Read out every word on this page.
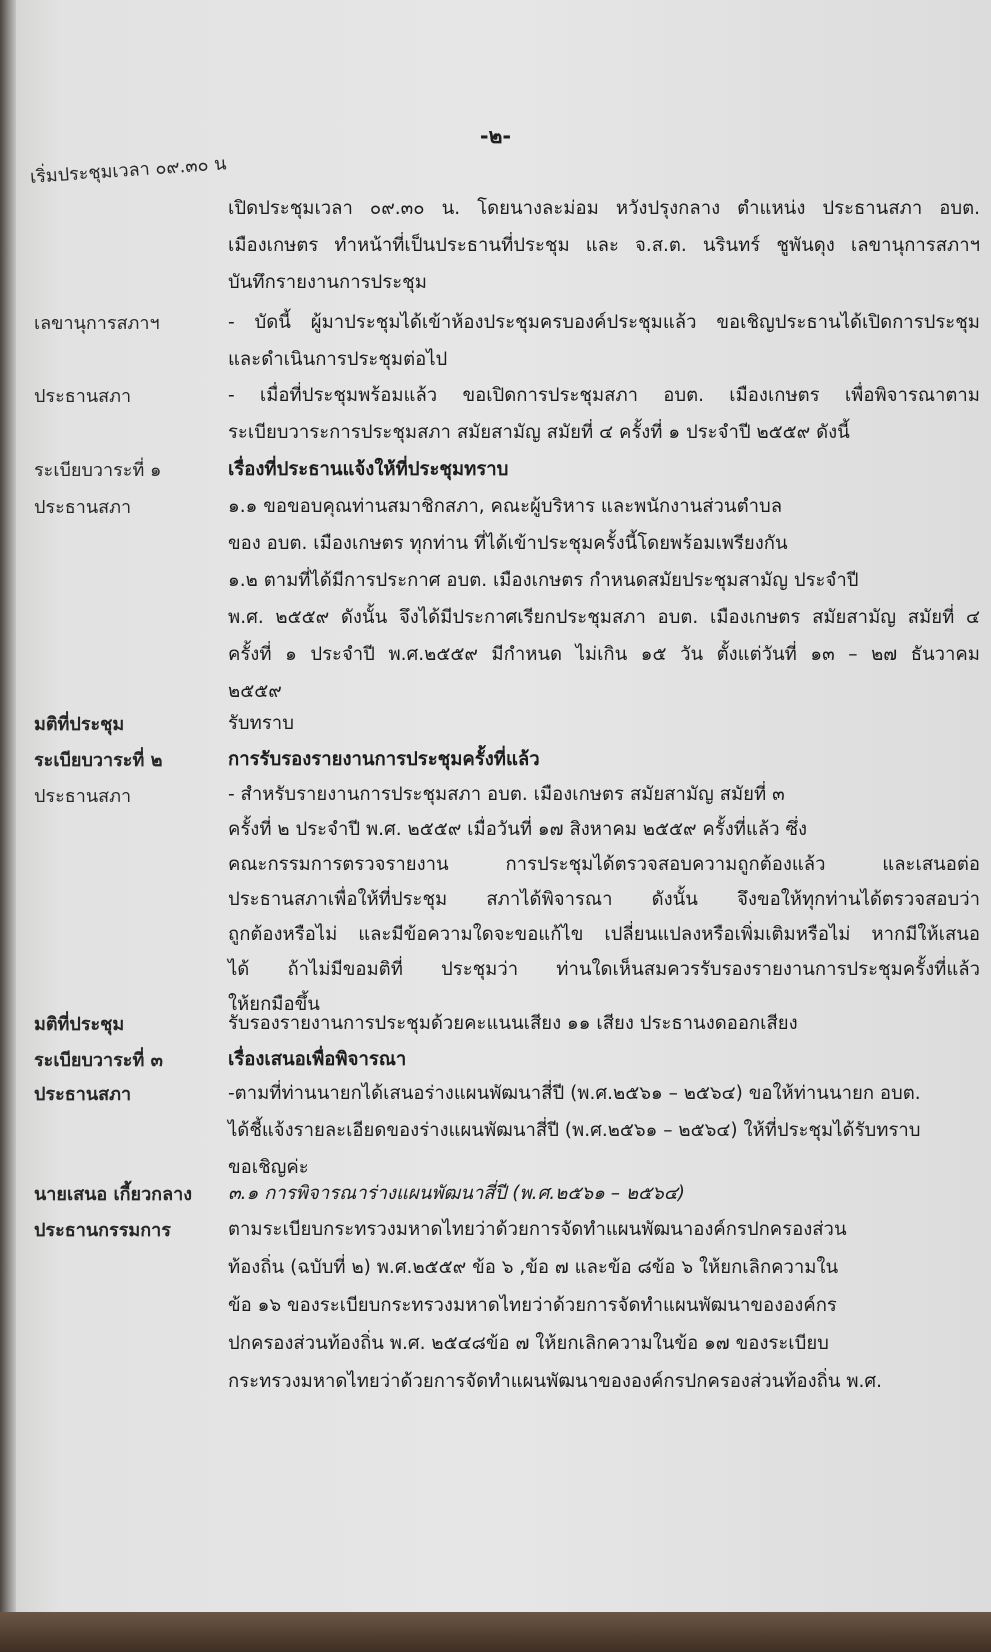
-๒-
เริ่มประชุมเวลา ๐๙.๓๐ น

เปิดประชุมเวลา ๐๙.๓๐ น. โดยนางละม่อม หวังปรุงกลาง ตำแหน่ง ประธานสภา อบต.

เมืองเกษตร ทำหน้าที่เป็นประธานที่ประชุม และ จ.ส.ต. นรินทร์ ชูพันดุง เลขานุการสภาฯ

บันทึกรายงานการประชุม

เลขานุการสภาฯ	- บัดนี้ ผู้มาประชุมได้เข้าห้องประชุมครบองค์ประชุมแล้ว ขอเชิญประธานได้เปิดการประชุม

และดำเนินการประชุมต่อไป

ประธานสภา	- เมื่อที่ประชุมพร้อมแล้ว ขอเปิดการประชุมสภา อบต. เมืองเกษตร เพื่อพิจารณาตาม

ระเบียบวาระการประชุมสภา สมัยสามัญ สมัยที่ ๔ ครั้งที่ ๑ ประจำปี ๒๕๕๙ ดังนี้

ระเบียบวาระที่ ๑	เรื่องที่ประธานแจ้งให้ที่ประชุมทราบ

ประธานสภา	๑.๑ ขอขอบคุณท่านสมาชิกสภา, คณะผู้บริหาร และพนักงานส่วนตำบล

ของ อบต. เมืองเกษตร ทุกท่าน ที่ได้เข้าประชุมครั้งนี้โดยพร้อมเพรียงกัน

๑.๒ ตามที่ได้มีการประกาศ อบต. เมืองเกษตร กำหนดสมัยประชุมสามัญ ประจำปี

พ.ศ. ๒๕๕๙ ดังนั้น จึงได้มีประกาศเรียกประชุมสภา อบต. เมืองเกษตร สมัยสามัญ สมัยที่ ๔

ครั้งที่ ๑ ประจำปี พ.ศ.๒๕๕๙ มีกำหนด ไม่เกิน ๑๕ วัน ตั้งแต่วันที่ ๑๓ – ๒๗ ธันวาคม

๒๕๕๙

มติที่ประชุม	รับทราบ

ระเบียบวาระที่ ๒	การรับรองรายงานการประชุมครั้งที่แล้ว

ประธานสภา	- สำหรับรายงานการประชุมสภา อบต. เมืองเกษตร สมัยสามัญ สมัยที่ ๓

ครั้งที่ ๒ ประจำปี พ.ศ. ๒๕๕๙ เมื่อวันที่ ๑๗ สิงหาคม ๒๕๕๙ ครั้งที่แล้ว ซึ่ง

คณะกรรมการตรวจรายงาน การประชุมได้ตรวจสอบความถูกต้องแล้ว และเสนอต่อ

ประธานสภาเพื่อให้ที่ประชุม สภาได้พิจารณา ดังนั้น จึงขอให้ทุกท่านได้ตรวจสอบว่า

ถูกต้องหรือไม่ และมีข้อความใดจะขอแก้ไข เปลี่ยนแปลงหรือเพิ่มเติมหรือไม่ หากมีให้เสนอ

ได้ ถ้าไม่มีขอมติที่ ประชุมว่า ท่านใดเห็นสมควรรับรองรายงานการประชุมครั้งที่แล้ว

ให้ยกมือขึ้น

มติที่ประชุม	รับรองรายงานการประชุมด้วยคะแนนเสียง ๑๑ เสียง ประธานงดออกเสียง

ระเบียบวาระที่ ๓	เรื่องเสนอเพื่อพิจารณา

ประธานสภา	-ตามที่ท่านนายกได้เสนอร่างแผนพัฒนาสี่ปี (พ.ศ.๒๕๖๑ – ๒๕๖๔) ขอให้ท่านนายก อบต.

ได้ชี้แจ้งรายละเอียดของร่างแผนพัฒนาสี่ปี (พ.ศ.๒๕๖๑ – ๒๕๖๔) ให้ที่ประชุมได้รับทราบ

ขอเชิญค่ะ

นายเสนอ เกี้ยวกลาง	๓.๑ การพิจารณาร่างแผนพัฒนาสี่ปี (พ.ศ.๒๕๖๑ – ๒๕๖๔)

ประธานกรรมการ	ตามระเบียบกระทรวงมหาดไทยว่าด้วยการจัดทำแผนพัฒนาองค์กรปกครองส่วน

ท้องถิ่น (ฉบับที่ ๒) พ.ศ.๒๕๕๙ ข้อ ๖ ,ข้อ ๗ และข้อ ๘ข้อ ๖ ให้ยกเลิกความใน

ข้อ ๑๖ ของระเบียบกระทรวงมหาดไทยว่าด้วยการจัดทำแผนพัฒนาขององค์กร

ปกครองส่วนท้องถิ่น พ.ศ. ๒๕๔๘ข้อ ๗ ให้ยกเลิกความในข้อ ๑๗ ของระเบียบ

กระทรวงมหาดไทยว่าด้วยการจัดทำแผนพัฒนาขององค์กรปกครองส่วนท้องถิ่น พ.ศ.
